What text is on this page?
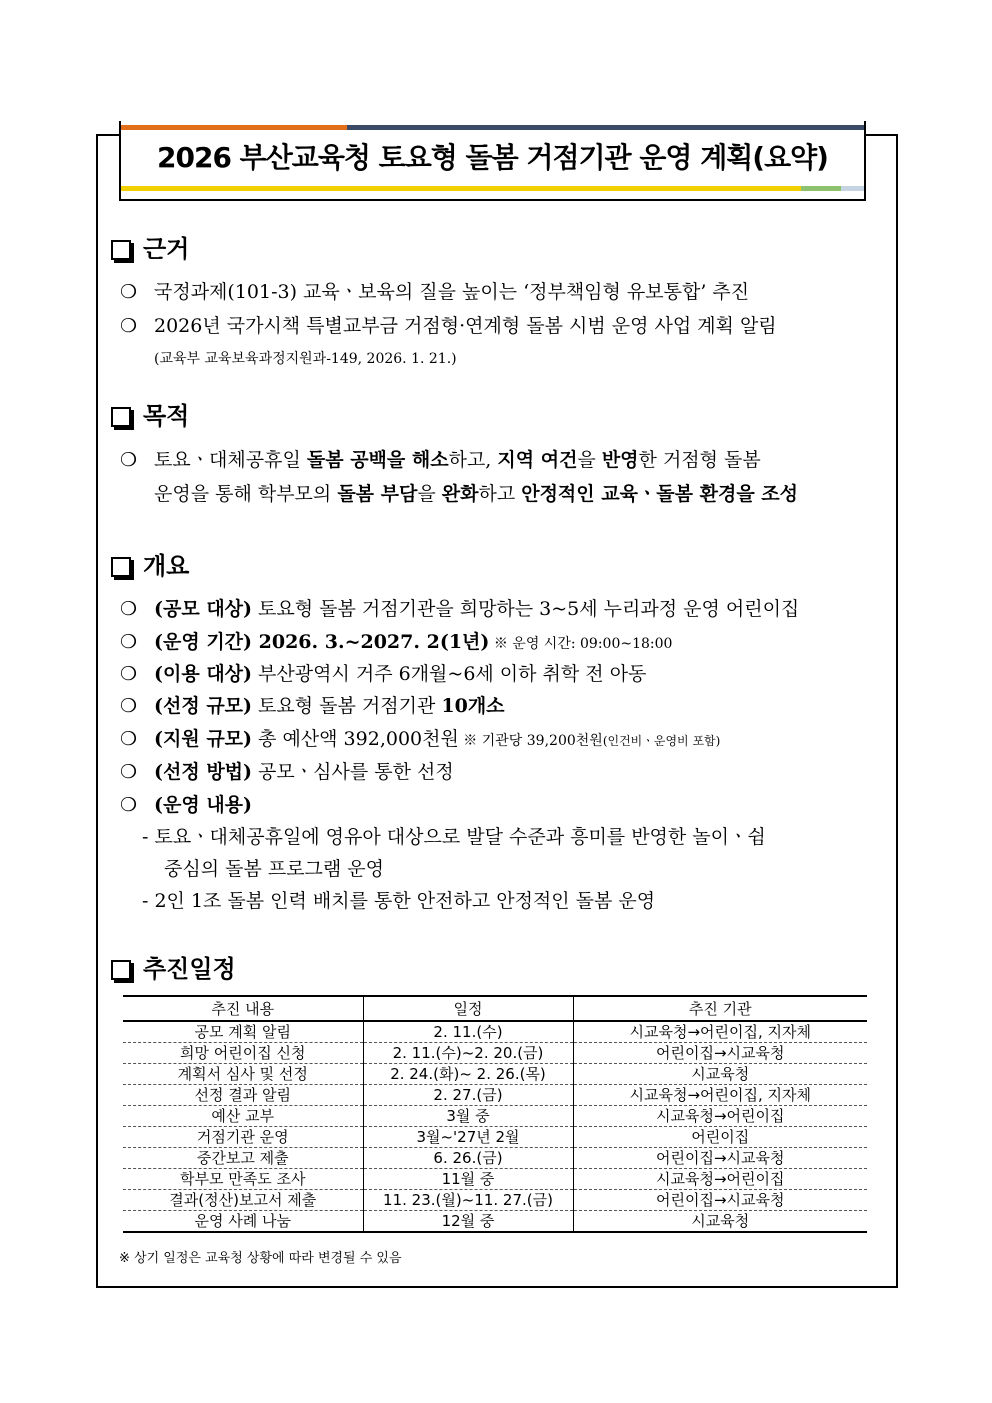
2026 부산교육청 토요형 돌봄 거점기관 운영 계획(요약)
근거
❍ 국정과제(101-3) 교육ㆍ보육의 질을 높이는 ‘정부책임형 유보통합’ 추진
❍ 2026년 국가시책 특별교부금 거점형·연계형 돌봄 시범 운영 사업 계획 알림
(교육부 교육보육과정지원과-149, 2026. 1. 21.)
목적
❍ 토요ㆍ대체공휴일 돌봄 공백을 해소하고, 지역 여건을 반영한 거점형 돌봄
운영을 통해 학부모의 돌봄 부담을 완화하고 안정적인 교육ㆍ돌봄 환경을 조성
개요
❍ (공모 대상) 토요형 돌봄 거점기관을 희망하는 3~5세 누리과정 운영 어린이집
❍ (운영 기간) 2026. 3.~2027. 2(1년) ※ 운영 시간: 09:00~18:00
❍ (이용 대상) 부산광역시 거주 6개월~6세 이하 취학 전 아동
❍ (선정 규모) 토요형 돌봄 거점기관 10개소
❍ (지원 규모) 총 예산액 392,000천원 ※ 기관당 39,200천원(인건비ㆍ운영비 포함)
❍ (선정 방법) 공모ㆍ심사를 통한 선정
❍ (운영 내용)
- 토요ㆍ대체공휴일에 영유아 대상으로 발달 수준과 흥미를 반영한 놀이ㆍ쉼
중심의 돌봄 프로그램 운영
- 2인 1조 돌봄 인력 배치를 통한 안전하고 안정적인 돌봄 운영
추진일정
추진 내용	일정	추진 기관
공모 계획 알림	2. 11.(수)	시교육청→어린이집, 지자체
희망 어린이집 신청	2. 11.(수)~2. 20.(금)	어린이집→시교육청
계획서 심사 및 선정	2. 24.(화)~ 2. 26.(목)	시교육청
선정 결과 알림	2. 27.(금)	시교육청→어린이집, 지자체
예산 교부	3월 중	시교육청→어린이집
거점기관 운영	3월~'27년 2월	어린이집
중간보고 제출	6. 26.(금)	어린이집→시교육청
학부모 만족도 조사	11월 중	시교육청→어린이집
결과(정산)보고서 제출	11. 23.(월)~11. 27.(금)	어린이집→시교육청
운영 사례 나눔	12월 중	시교육청
※ 상기 일정은 교육청 상황에 따라 변경될 수 있음
